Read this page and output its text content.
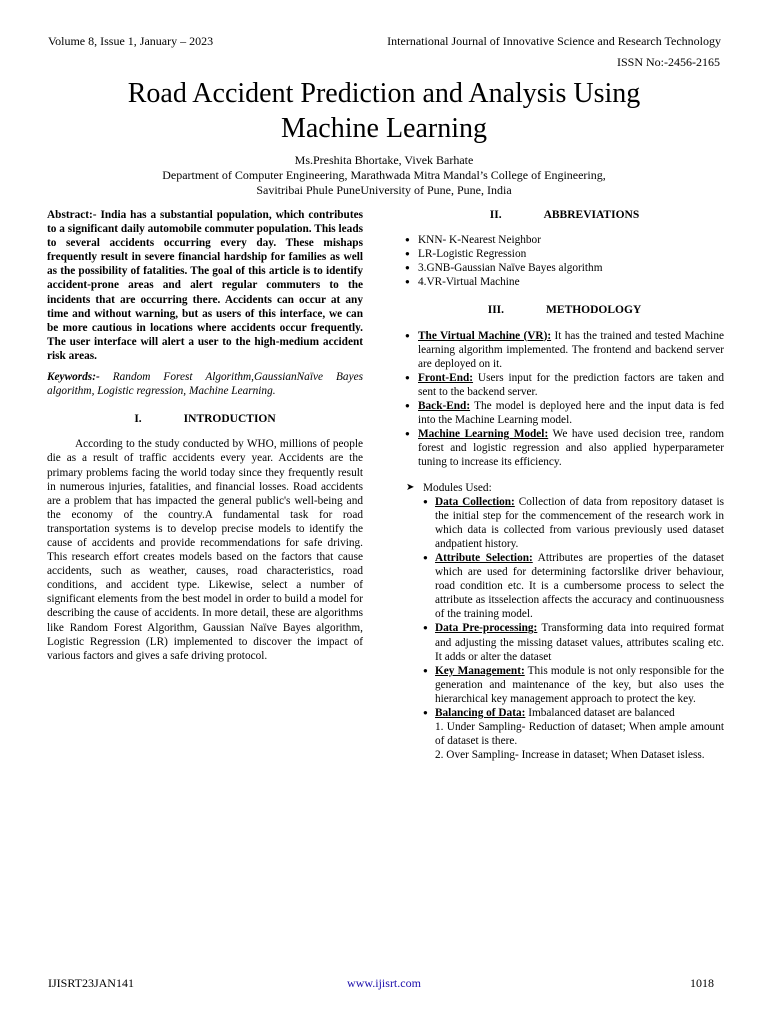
Volume 8, Issue 1, January – 2023	International Journal of Innovative Science and Research Technology
ISSN No:-2456-2165
Road Accident Prediction and Analysis Using
Machine Learning
Ms.Preshita Bhortake, Vivek Barhate
Department of Computer Engineering, Marathwada Mitra Mandal’s College of Engineering,
Savitribai Phule PuneUniversity of Pune, Pune, India

Abstract:- India has a substantial population, which contributes to a significant daily automobile commuter population. This leads to several accidents occurring every day. These mishaps frequently result in severe financial hardship for families as well as the possibility of fatalities. The goal of this article is to identify accident-prone areas and alert regular commuters to the incidents that are occurring there. Accidents can occur at any time and without warning, but as users of this interface, we can be more cautious in locations where accidents occur frequently. The user interface will alert a user to the high-medium accident risk areas.

Keywords:- Random Forest Algorithm,GaussianNaïve Bayes algorithm, Logistic regression, Machine Learning.

I.	INTRODUCTION

According to the study conducted by WHO, millions of people die as a result of traffic accidents every year. Accidents are the primary problems facing the world today since they frequently result in numerous injuries, fatalities, and financial losses. Road accidents are a problem that has impacted the general public's well-being and the economy of the country.A fundamental task for road transportation systems is to develop precise models to identify the cause of accidents and provide recommendations for safe driving. This research effort creates models based on the factors that cause accidents, such as weather, causes, road characteristics, road conditions, and accident type. Likewise, select a number of significant elements from the best model in order to build a model for describing the cause of accidents. In more detail, these are algorithms like Random Forest Algorithm, Gaussian Naïve Bayes algorithm, Logistic Regression (LR) implemented to discover the impact of various factors and gives a safe driving protocol.

II.	ABBREVIATIONS
● KNN- K-Nearest Neighbor
● LR-Logistic Regression
● 3.GNB-Gaussian Naïve Bayes algorithm
● 4.VR-Virtual Machine
III.	METHODOLOGY
● The Virtual Machine (VR): It has the trained and tested Machine learning algorithm implemented. The frontend and backend server are deployed on it.
● Front-End: Users input for the prediction factors are taken and sent to the backend server.
● Back-End: The model is deployed here and the input data is fed into the Machine Learning model.
● Machine Learning Model: We have used decision tree, random forest and logistic regression and also applied hyperparameter tuning to increase its efficiency.
➤ Modules Used:
● Data Collection: Collection of data from repository dataset is the initial step for the commencement of the research work in which data is collected from various previously used dataset andpatient history.
● Attribute Selection: Attributes are properties of the dataset which are used for determining factorslike driver behaviour, road condition etc. It is a cumbersome process to select the attribute as itsselection affects the accuracy and continuousness of the training model.
● Data Pre-processing: Transforming data into required format and adjusting the missing dataset values, attributes scaling etc. It adds or alter the dataset
● Key Management: This module is not only responsible for the generation and maintenance of the key, but also uses the hierarchical key management approach to protect the key.
● Balancing of Data: Imbalanced dataset are balanced

1. Under Sampling- Reduction of dataset; When ample amount of dataset is there.

2. Over Sampling- Increase in dataset; When Dataset isless.

IJISRT23JAN141	www.ijisrt.com	1018
